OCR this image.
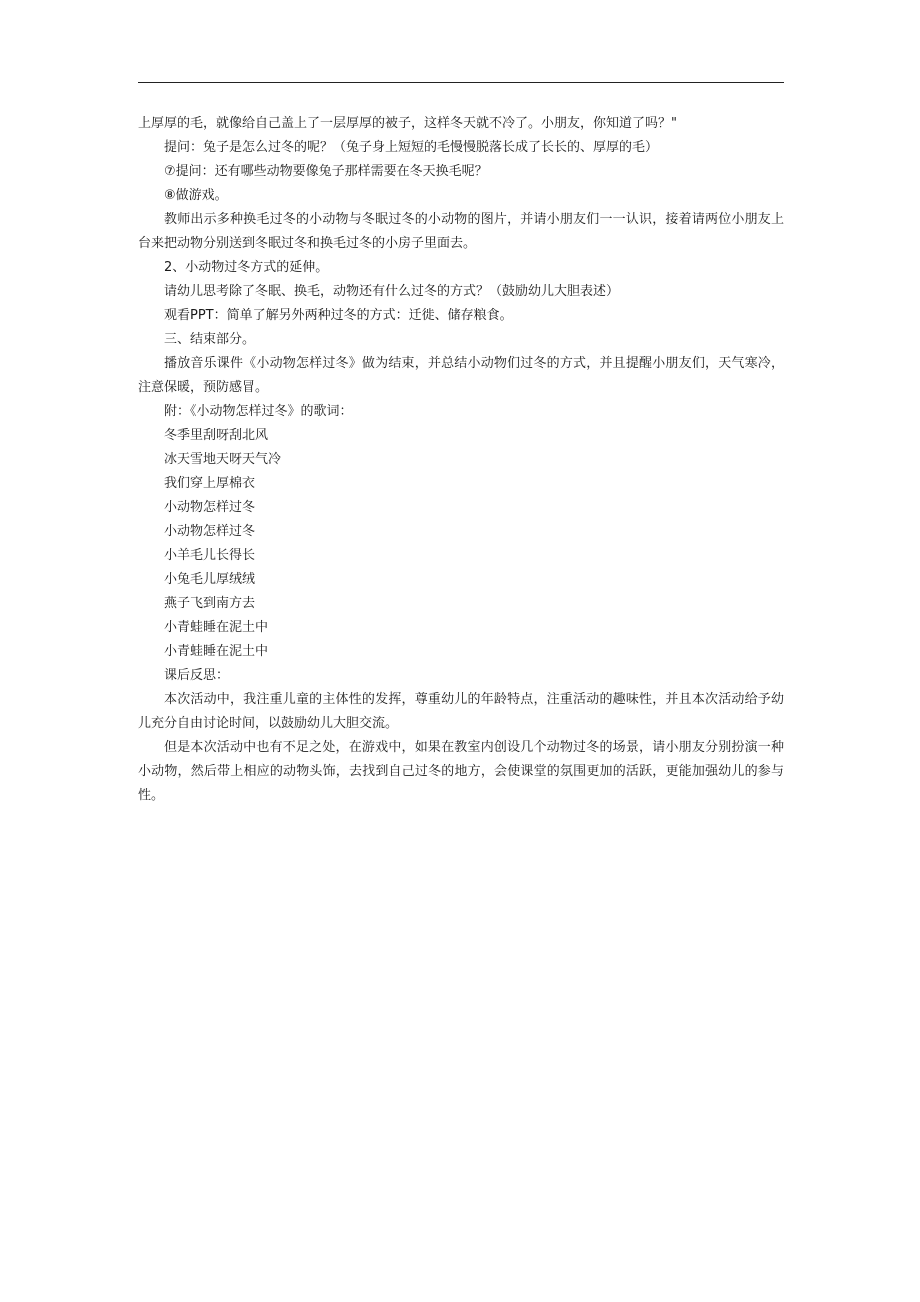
上厚厚的毛，就像给自己盖上了一层厚厚的被子，这样冬天就不冷了。小朋友，你知道了吗？"

提问：兔子是怎么过冬的呢？（兔子身上短短的毛慢慢脱落长成了长长的、厚厚的毛）

⑦提问：还有哪些动物要像兔子那样需要在冬天换毛呢？

⑧做游戏。

教师出示多种换毛过冬的小动物与冬眠过冬的小动物的图片，并请小朋友们一一认识，接着请两位小朋友上台来把动物分别送到冬眠过冬和换毛过冬的小房子里面去。

2、小动物过冬方式的延伸。

请幼儿思考除了冬眠、换毛，动物还有什么过冬的方式？（鼓励幼儿大胆表述）

观看PPT：简单了解另外两种过冬的方式：迁徙、储存粮食。

三、结束部分。

播放音乐课件《小动物怎样过冬》做为结束，并总结小动物们过冬的方式，并且提醒小朋友们，天气寒冷，注意保暖，预防感冒。

附：《小动物怎样过冬》的歌词：

冬季里刮呀刮北风

冰天雪地天呀天气冷

我们穿上厚棉衣

小动物怎样过冬

小动物怎样过冬

小羊毛儿长得长

小兔毛儿厚绒绒

燕子飞到南方去

小青蛙睡在泥土中

小青蛙睡在泥土中

课后反思：

本次活动中，我注重儿童的主体性的发挥，尊重幼儿的年龄特点，注重活动的趣味性，并且本次活动给予幼儿充分自由讨论时间，以鼓励幼儿大胆交流。

但是本次活动中也有不足之处，在游戏中，如果在教室内创设几个动物过冬的场景，请小朋友分别扮演一种小动物，然后带上相应的动物头饰，去找到自己过冬的地方，会使课堂的氛围更加的活跃，更能加强幼儿的参与性。
